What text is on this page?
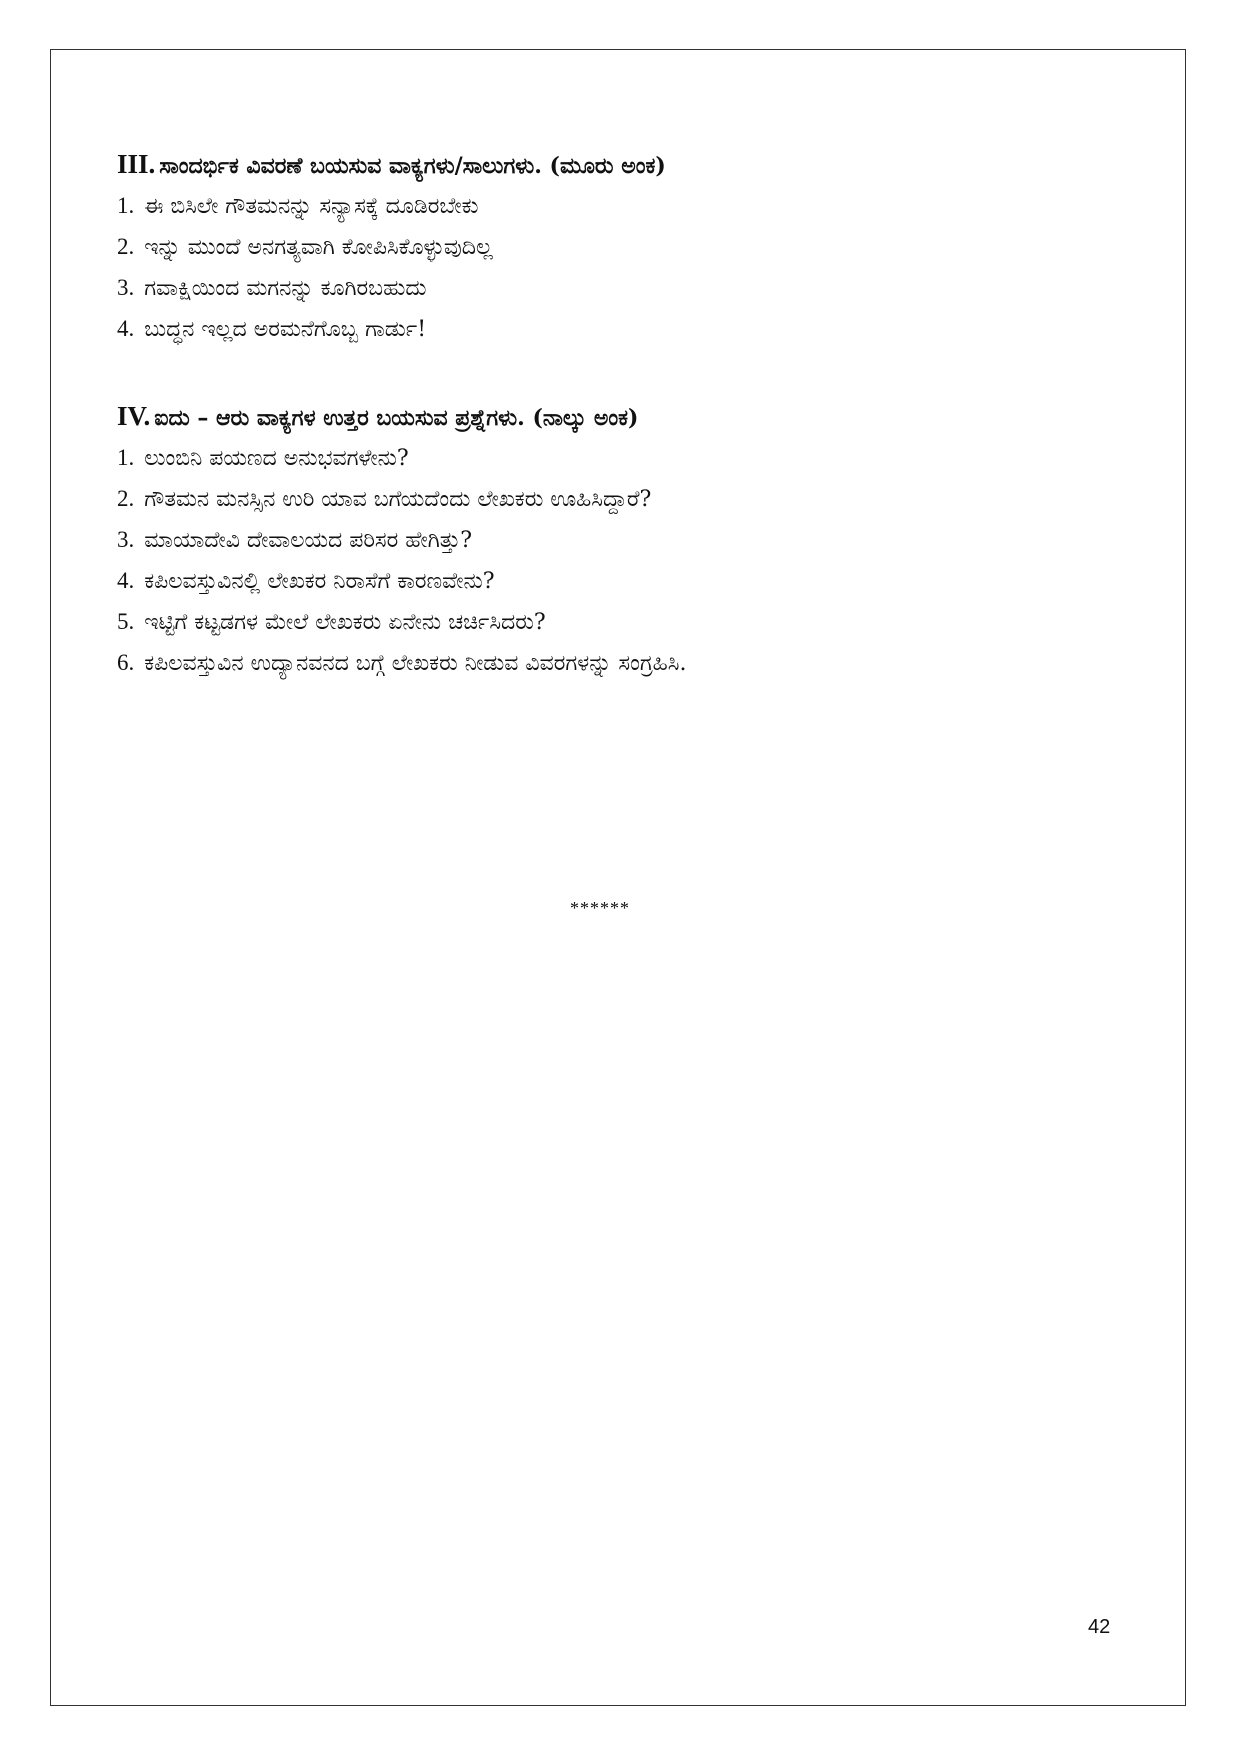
III. ಸಾಂದರ್ಭಿಕ ವಿವರಣೆ ಬಯಸುವ ವಾಕ್ಯಗಳು/ಸಾಲುಗಳು. (ಮೂರು ಅಂಕ)
1. ಈ ಬಿಸಿಲೇ ಗೌತಮನನ್ನು ಸನ್ಯಾಸಕ್ಕೆ ದೂಡಿರಬೇಕು
2. ಇನ್ನು ಮುಂದೆ ಅನಗತ್ಯವಾಗಿ ಕೋಪಿಸಿಕೊಳ್ಳುವುದಿಲ್ಲ
3. ಗವಾಕ್ಷಿಯಿಂದ ಮಗನನ್ನು ಕೂಗಿರಬಹುದು
4. ಬುದ್ಧನ ಇಲ್ಲದ ಅರಮನೆಗೊಬ್ಬ ಗಾರ್ಡು!
IV. ಐದು – ಆರು ವಾಕ್ಯಗಳ ಉತ್ತರ ಬಯಸುವ ಪ್ರಶ್ನೆಗಳು. (ನಾಲ್ಕು ಅಂಕ)
1. ಲುಂಬಿನಿ ಪಯಣದ ಅನುಭವಗಳೇನು?
2. ಗೌತಮನ ಮನಸ್ಸಿನ ಉರಿ ಯಾವ ಬಗೆಯದೆಂದು ಲೇಖಕರು ಊಹಿಸಿದ್ದಾರೆ?
3. ಮಾಯಾದೇವಿ ದೇವಾಲಯದ ಪರಿಸರ ಹೇಗಿತ್ತು?
4. ಕಪಿಲವಸ್ತುವಿನಲ್ಲಿ ಲೇಖಕರ ನಿರಾಸೆಗೆ ಕಾರಣವೇನು?
5. ಇಟ್ಟಿಗೆ ಕಟ್ಟಡಗಳ ಮೇಲೆ ಲೇಖಕರು ಏನೇನು ಚರ್ಚಿಸಿದರು?
6. ಕಪಿಲವಸ್ತುವಿನ ಉದ್ಯಾನವನದ ಬಗ್ಗೆ ಲೇಖಕರು ನೀಡುವ ವಿವರಗಳನ್ನು ಸಂಗ್ರಹಿಸಿ.
******
42
